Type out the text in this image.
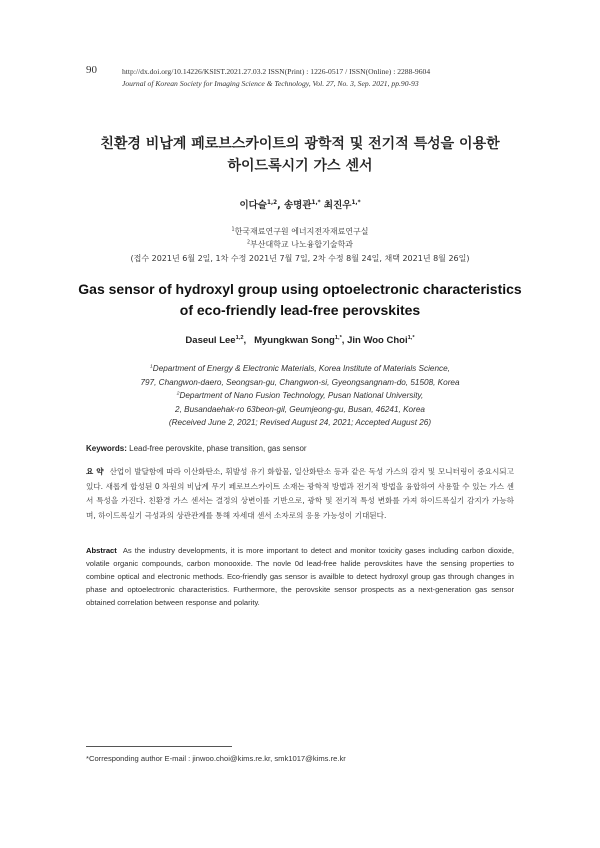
90	http://dx.doi.org/10.14226/KSIST.2021.27.03.2 ISSN(Print) : 1226-0517 / ISSN(Online) : 2288-9604
Journal of Korean Society for Imaging Science & Technology, Vol. 27, No. 3, Sep. 2021, pp.90-93
친환경 비납계 페로브스카이트의 광학적 및 전기적 특성을 이용한
하이드록시기 가스 센서
이다슬$^{1,2}$, 송명관$^{1,*}$ 최진우$^{1,*}$
$^1$한국재료연구원 에너지전자재료연구실
$^2$부산대학교 나노융합기술학과
(접수 2021년 6월 2일, 1차 수정 2021년 7월 7일, 2차 수정 8월 24일, 채택 2021년 8월 26일)
Gas sensor of hydroxyl group using optoelectronic characteristics
of eco-friendly lead-free perovskites
Daseul Lee$^{1,2}$,   Myungkwan Song$^{1,*}$, Jin Woo Choi$^{1,*}$
$^1$Department of Energy & Electronic Materials, Korea Institute of Materials Science,
797, Changwon-daero, Seongsan-gu, Changwon-si, Gyeongsangnam-do, 51508, Korea
$^2$Department of Nano Fusion Technology, Pusan National University,
2, Busandaehak-ro 63beon-gil, Geumjeong-gu, Busan, 46241, Korea
(Received June 2, 2021; Revised August 24, 2021; Accepted August 26)
Keywords: Lead-free perovskite, phase transition, gas sensor
요 약 산업이 발달함에 따라 이산화탄소, 휘발성 유기 화합물, 일산화탄소 등과 같은 독성 가스의 감지 및 모니터링이 중요시되고 있다. 새롭게 합성된 0 차원의 비납계 무기 페로브스카이트 소재는 광학적 방법과 전기적 방법을 융합하여 사용할 수 있는 가스 센서 특성을 가진다. 친환경 가스 센서는 결정의 상변이를 기반으로, 광학 및 전기적 특성 변화를 가져 하이드록실기 감지가 가능하며, 하이드록실기 극성과의 상관관계를 통해 자세대 센서 소자로의 응용 가능성이 기대된다.
Abstract As the industry developments, it is more important to detect and monitor toxicity gases including carbon dioxide, volatile organic compounds, carbon monooxide. The novle 0d lead-free halide perovskites have the sensing properties to combine optical and electronic methods. Eco-friendly gas sensor is availble to detect hydroxyl group gas through changes in phase and optoelectronic characteristics. Furthermore, the perovskite sensor prospects as a next-generation gas sensor obtained correlation between response and polarity.
*Corresponding author E-mail : jinwoo.choi@kims.re.kr, smk1017@kims.re.kr
